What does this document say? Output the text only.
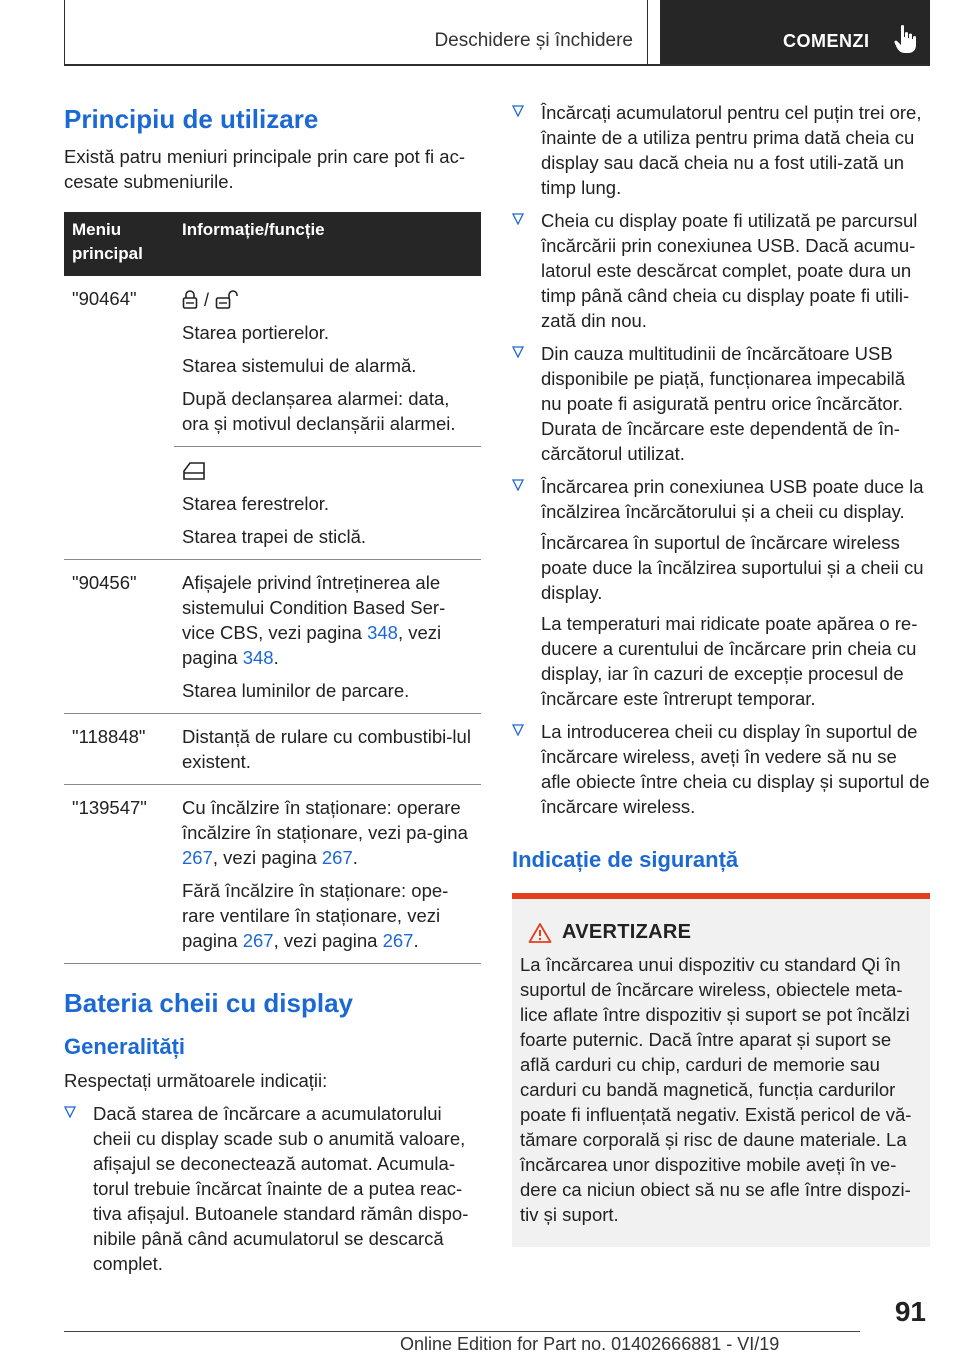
Deschidere și închidere	COMENZI
Principiu de utilizare

Există patru meniuri principale prin care pot fi ac-cesate submeniurile.

Meniu principal	Informație/funcție
"90464"	/

Starea portierelor.

Starea sistemului de alarmă.

După declanșarea alarmei: data, ora și motivul declanșării alarmei.

	Starea ferestrelor.

Starea trapei de sticlă.

"90456"	Afișajele privind întreținerea ale sistemului Condition Based Ser-vice CBS, vezi pagina 348, vezi pagina 348.

Starea luminilor de parcare.

"118848"	Distanță de rulare cu combustibi-lul existent.
"139547"	Cu încălzire în staționare: operare încălzire în staționare, vezi pa-gina 267, vezi pagina 267.

Fără încălzire în staționare: ope-rare ventilare în staționare, vezi pagina 267, vezi pagina 267.

Bateria cheii cu display
Generalități

Respectați următoarele indicații:

Dacă starea de încărcare a acumulatorului cheii cu display scade sub o anumită valoare, afișajul se deconectează automat. Acumula-torul trebuie încărcat înainte de a putea reac-tiva afișajul. Butoanele standard rămân dispo-nibile până când acumulatorul se descarcă complet.
Încărcați acumulatorul pentru cel puțin trei ore, înainte de a utiliza pentru prima dată cheia cu display sau dacă cheia nu a fost utili-zată un timp lung.
Cheia cu display poate fi utilizată pe parcursul încărcării prin conexiunea USB. Dacă acumu-latorul este descărcat complet, poate dura un timp până când cheia cu display poate fi utili-zată din nou.
Din cauza multitudinii de încărcătoare USB disponibile pe piață, funcționarea impecabilă nu poate fi asigurată pentru orice încărcător. Durata de încărcare este dependentă de în-cărcătorul utilizat.
Încărcarea prin conexiunea USB poate duce la încălzirea încărcătorului și a cheii cu display.

Încărcarea în suportul de încărcare wireless poate duce la încălzirea suportului și a cheii cu display.

La temperaturi mai ridicate poate apărea o re-ducere a curentului de încărcare prin cheia cu display, iar în cazuri de excepție procesul de încărcare este întrerupt temporar.

La introducerea cheii cu display în suportul de încărcare wireless, aveți în vedere să nu se afle obiecte între cheia cu display și suportul de încărcare wireless.
Indicație de siguranță
AVERTIZARE

La încărcarea unui dispozitiv cu standard Qi în suportul de încărcare wireless, obiectele meta-lice aflate între dispozitiv și suport se pot încălzi foarte puternic. Dacă între aparat și suport se află carduri cu chip, carduri de memorie sau carduri cu bandă magnetică, funcția cardurilor poate fi influențată negativ. Există pericol de vă-tămare corporală și risc de daune materiale. La încărcarea unor dispozitive mobile aveți în ve-dere ca niciun obiect să nu se afle între dispozi-tiv și suport.

91
Online Edition for Part no. 01402666881 - VI/19
